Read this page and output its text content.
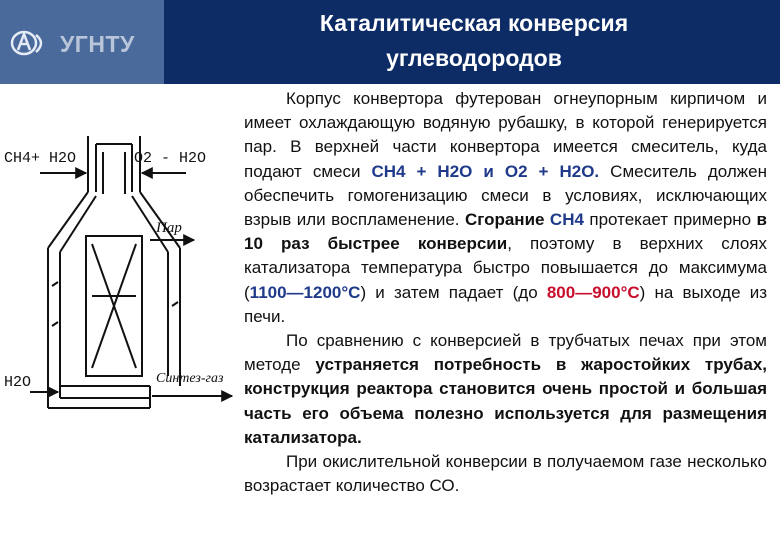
УГНТУ
Каталитическая конверсия
углеводородов
CH4+ H2O	O2 - H2O
Пар
H2O	Синтез-газ

Корпус конвертора футерован огнеупорным кирпичом и имеет охлаждающую водяную рубашку, в которой генерируется пар. В верхней части конвертора имеется смеситель, куда подают смеси CH4 + H2O и O2 + H2O. Смеситель должен обеспечить гомогенизацию смеси в условиях, исключающих взрыв или воспламенение. Сгорание CH4 протекает примерно в 10 раз быстрее конверсии, поэтому в верхних слоях катализатора температура быстро повышается до максимума (1100—1200°С) и затем падает (до 800—900°С) на выходе из печи.

По сравнению с конверсией в трубчатых печах при этом методе устраняется потребность в жаростойких трубах, конструкция реактора становится очень простой и большая часть его объема полезно используется для размещения катализатора.

При окислительной конверсии в получаемом газе несколько возрастает количество СО.
